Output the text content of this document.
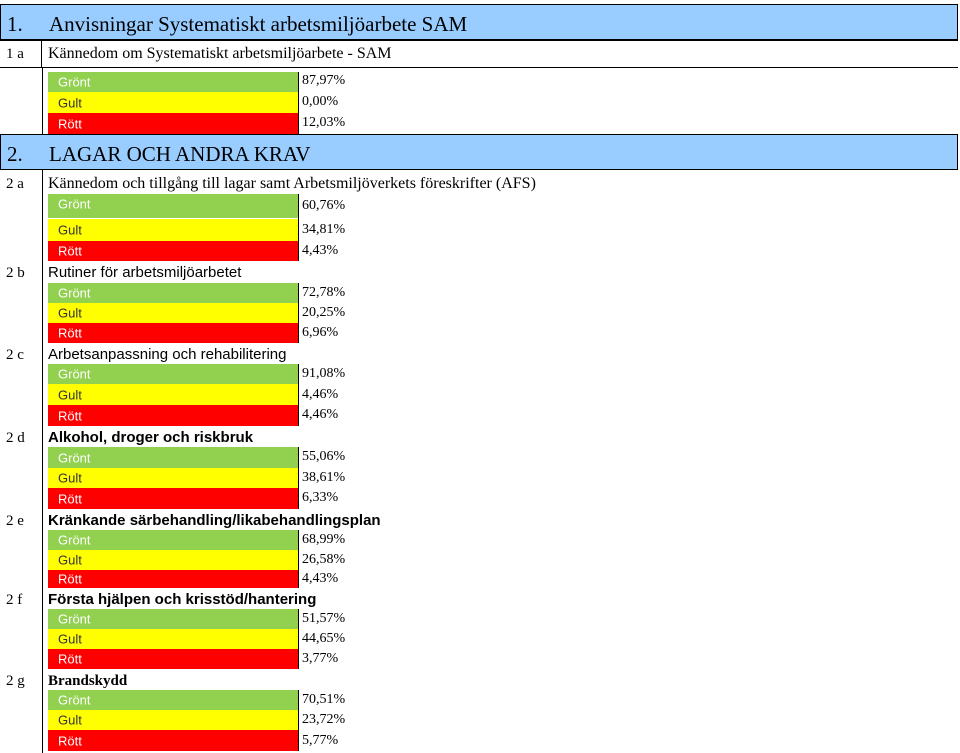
1. Anvisningar Systematiskt arbetsmiljöarbete SAM
1 a	Kännedom om Systematiskt arbetsmiljöarbete - SAM
Grönt	87,97%
Gult	0,00%
Rött	12,03%
2. LAGAR OCH ANDRA KRAV
2 a	Kännedom och tillgång till lagar samt Arbetsmiljöverkets föreskrifter (AFS)
Grönt	60,76%
Gult	34,81%
Rött	4,43%
2 b	Rutiner för arbetsmiljöarbetet
Grönt	72,78%
Gult	20,25%
Rött	6,96%
2 c	Arbetsanpassning och rehabilitering
Grönt	91,08%
Gult	4,46%
Rött	4,46%
2 d	Alkohol, droger och riskbruk
Grönt	55,06%
Gult	38,61%
Rött	6,33%
2 e	Kränkande särbehandling/likabehandlingsplan
Grönt	68,99%
Gult	26,58%
Rött	4,43%
2 f	Första hjälpen och krisstöd/hantering
Grönt	51,57%
Gult	44,65%
Rött	3,77%
2 g	Brandskydd
Grönt	70,51%
Gult	23,72%
Rött	5,77%
